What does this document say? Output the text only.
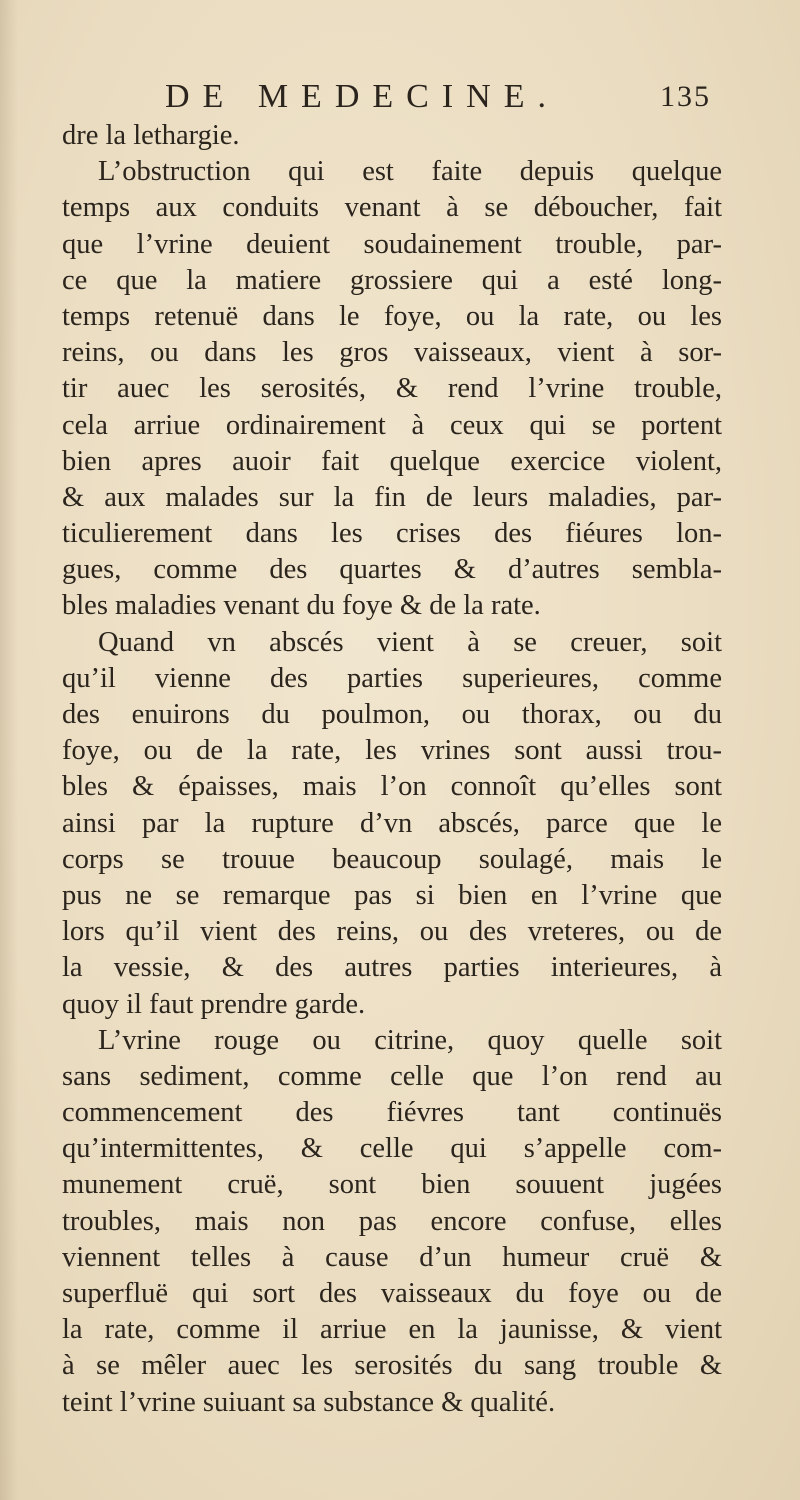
DE MEDECINE.	135
dre la lethargie.
L’obstruction qui est faite depuis quelque
temps aux conduits venant à se déboucher, fait
que l’vrine deuient soudainement trouble, par-
ce que la matiere grossiere qui a esté long-
temps retenuë dans le foye, ou la rate, ou les
reins, ou dans les gros vaisseaux, vient à sor-
tir auec les serosités, & rend l’vrine trouble,
cela arriue ordinairement à ceux qui se portent
bien apres auoir fait quelque exercice violent,
& aux malades sur la fin de leurs maladies, par-
ticulierement dans les crises des fiéures lon-
gues, comme des quartes & d’autres sembla-
bles maladies venant du foye & de la rate.
Quand vn abscés vient à se creuer, soit
qu’il vienne des parties superieures, comme
des enuirons du poulmon, ou thorax, ou du
foye, ou de la rate, les vrines sont aussi trou-
bles & épaisses, mais l’on connoît qu’elles sont
ainsi par la rupture d’vn abscés, parce que le
corps se trouue beaucoup soulagé, mais le
pus ne se remarque pas si bien en l’vrine que
lors qu’il vient des reins, ou des vreteres, ou de
la vessie, & des autres parties interieures, à
quoy il faut prendre garde.
L’vrine rouge ou citrine, quoy quelle soit
sans sediment, comme celle que l’on rend au
commencement des fiévres tant continuës
qu’intermittentes, & celle qui s’appelle com-
munement cruë, sont bien souuent jugées
troubles, mais non pas encore confuse, elles
viennent telles à cause d’un humeur cruë &
superfluë qui sort des vaisseaux du foye ou de
la rate, comme il arriue en la jaunisse, & vient
à se mêler auec les serosités du sang trouble &
teint l’vrine suiuant sa substance & qualité.
